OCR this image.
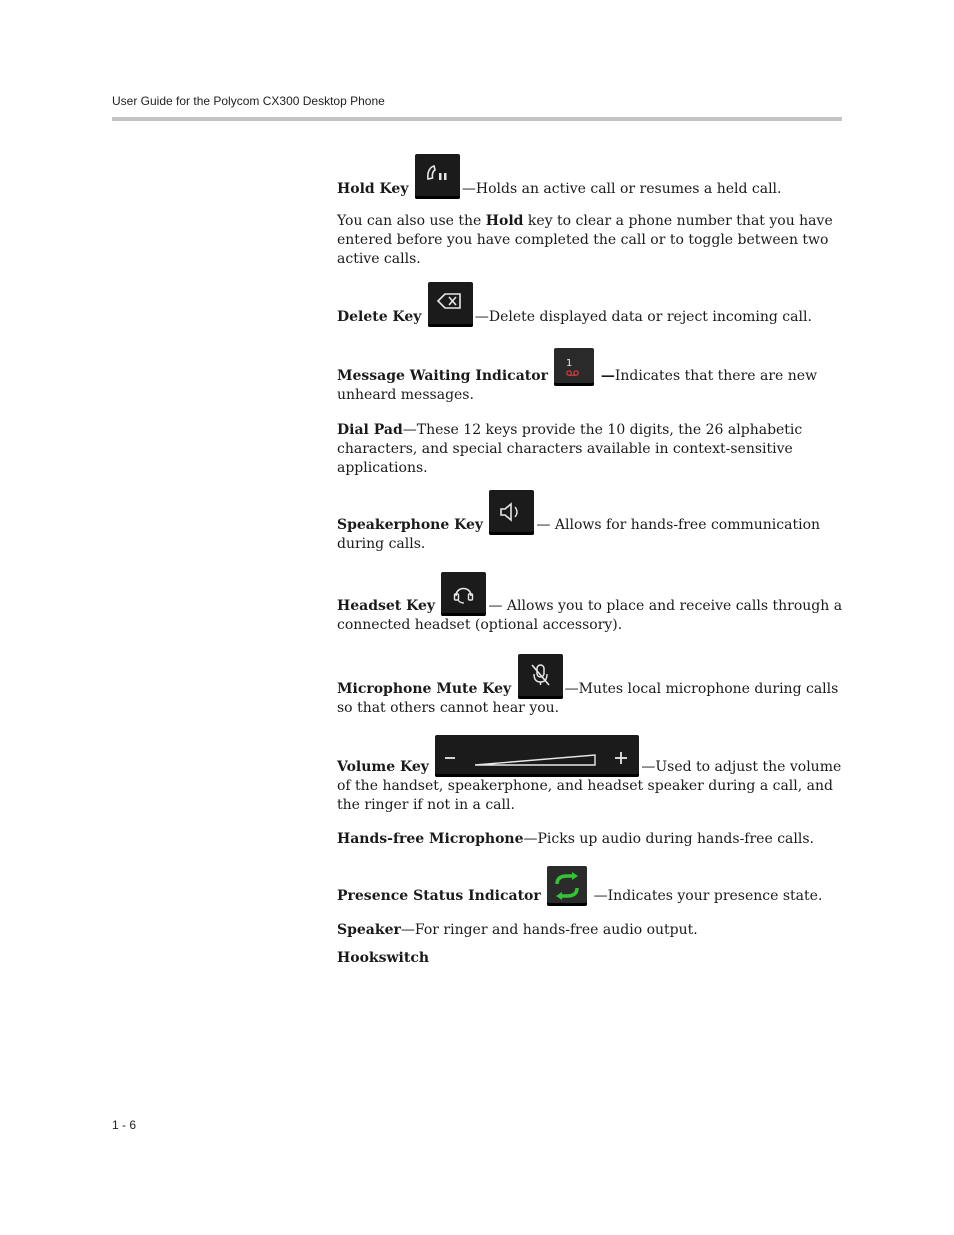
User Guide for the Polycom CX300 Desktop Phone
Hold Key	—Holds an active call or resumes a held call.
You can also use the Hold key to clear a phone number that you have entered before you have completed the call or to toggle between two active calls.
Delete Key	—Delete displayed data or reject incoming call.
Message Waiting Indicator
1
—Indicates that there are new unheard messages.
Dial Pad—These 12 keys provide the 10 digits, the 26 alphabetic characters, and special characters available in context-sensitive applications.
Speakerphone Key	— Allows for hands-free communication during calls.
Headset Key	— Allows you to place and receive calls through a connected headset (optional accessory).
Microphone Mute Key	—Mutes local microphone during calls so that others cannot hear you.
Volume Key	—Used to adjust the volume of the handset, speakerphone, and headset speaker during a call, and the ringer if not in a call.
Hands-free Microphone—Picks up audio during hands-free calls.
Presence Status Indicator	—Indicates your presence state.
Speaker—For ringer and hands-free audio output.
Hookswitch
1 - 6
